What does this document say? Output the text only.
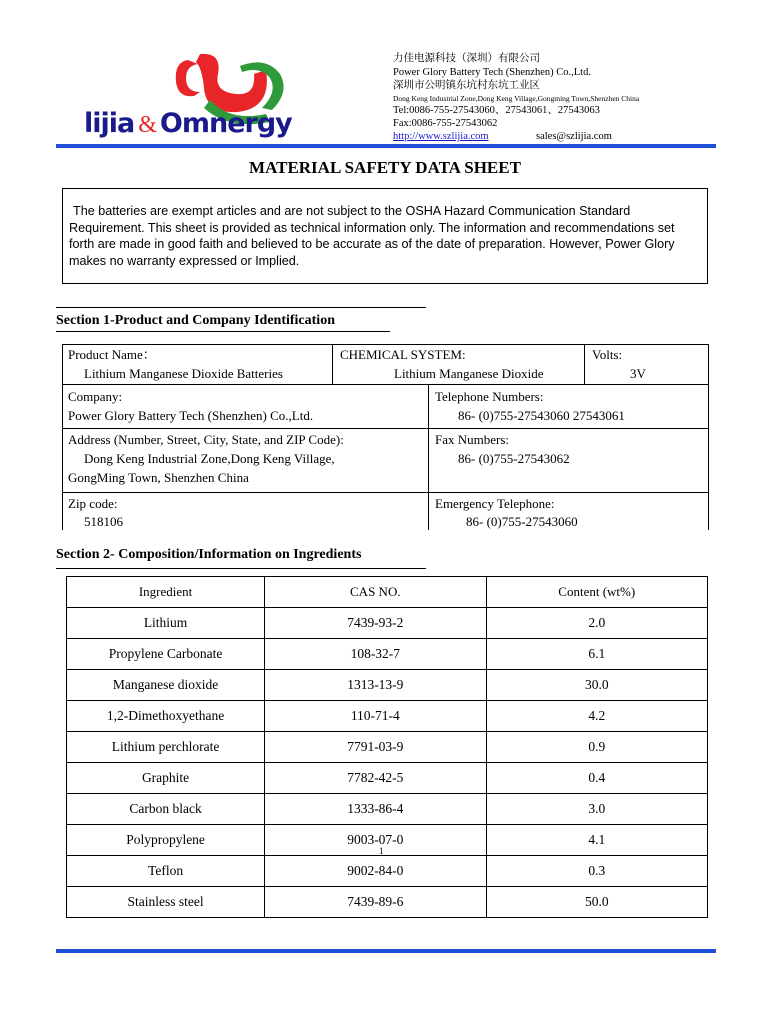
lijia & Omnergy
力佳电源科技（深圳）有限公司
Power Glory Battery Tech (Shenzhen) Co.,Ltd.
深圳市公明镇东坑村东坑工业区
Dong Keng Industrial Zone,Dong Keng Village,Gongming Town,Shenzhen China
Tel:0086-755-27543060、27543061、27543063
Fax:0086-755-27543062
http://www.szlijia.com	sales@szlijia.com
MATERIAL SAFETY DATA SHEET
The batteries are exempt articles and are not subject to the OSHA Hazard Communication Standard Requirement. This sheet is provided as technical information only. The information and recommendations set forth are made in good faith and believed to be accurate as of the date of preparation. However, Power Glory makes no warranty expressed or Implied.
Section 1-Product and Company Identification
Product Name：
Lithium Manganese Dioxide Batteries
CHEMICAL SYSTEM:
Lithium Manganese Dioxide
Volts:
3V
Company:
Power Glory Battery Tech (Shenzhen) Co.,Ltd.
Telephone Numbers:
86- (0)755-27543060 27543061
Address (Number, Street, City, State, and ZIP Code):
Dong Keng Industrial Zone,Dong Keng Village,
GongMing Town, Shenzhen China
Fax Numbers:
86- (0)755-27543062
Zip code:
518106
Emergency Telephone:
86- (0)755-27543060
Section 2- Composition/Information on Ingredients
Ingredient	CAS NO.	Content (wt%)
Lithium	7439-93-2	2.0
Propylene Carbonate	108-32-7	6.1
Manganese dioxide	1313-13-9	30.0
1,2-Dimethoxyethane	110-71-4	4.2
Lithium perchlorate	7791-03-9	0.9
Graphite	7782-42-5	0.4
Carbon black	1333-86-4	3.0
Polypropylene	9003-07-0	4.1
Teflon	9002-84-0	0.3
Stainless steel	7439-89-6	50.0
1
